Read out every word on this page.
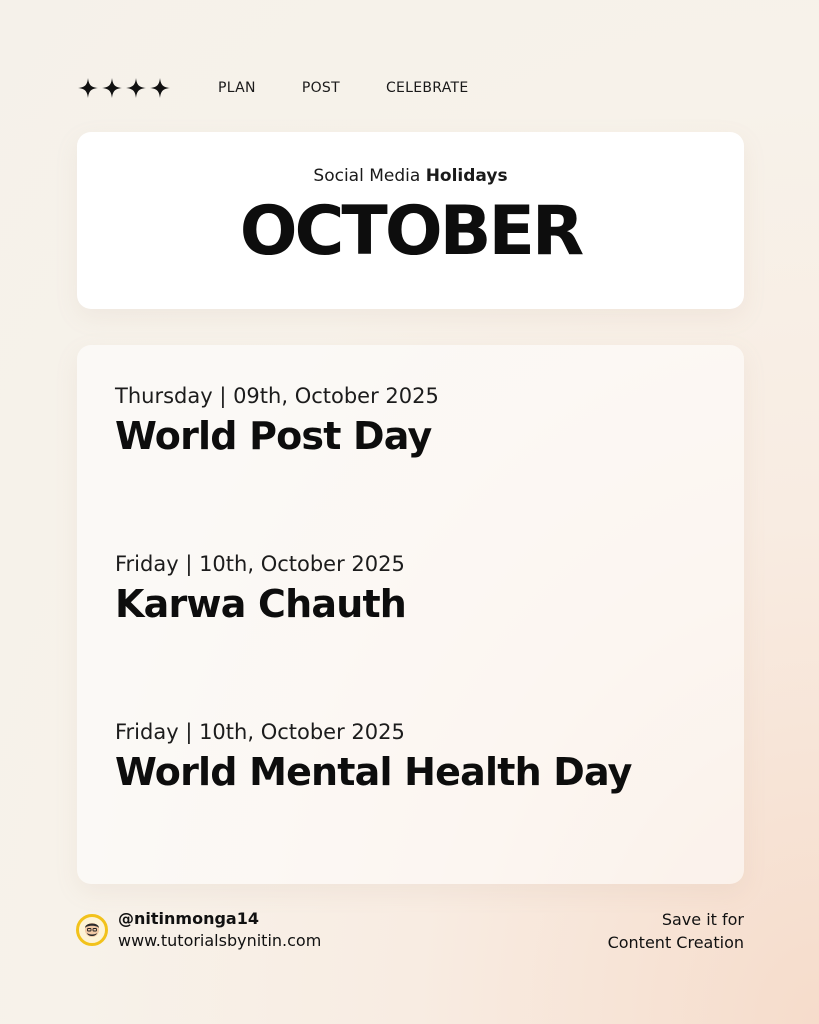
PLAN	POST	CELEBRATE
Social Media Holidays
OCTOBER
Thursday | 09th, October 2025
World Post Day
Friday | 10th, October 2025
Karwa Chauth
Friday | 10th, October 2025
World Mental Health Day
@nitinmonga14
www.tutorialsbynitin.com
Save it for
Content Creation
